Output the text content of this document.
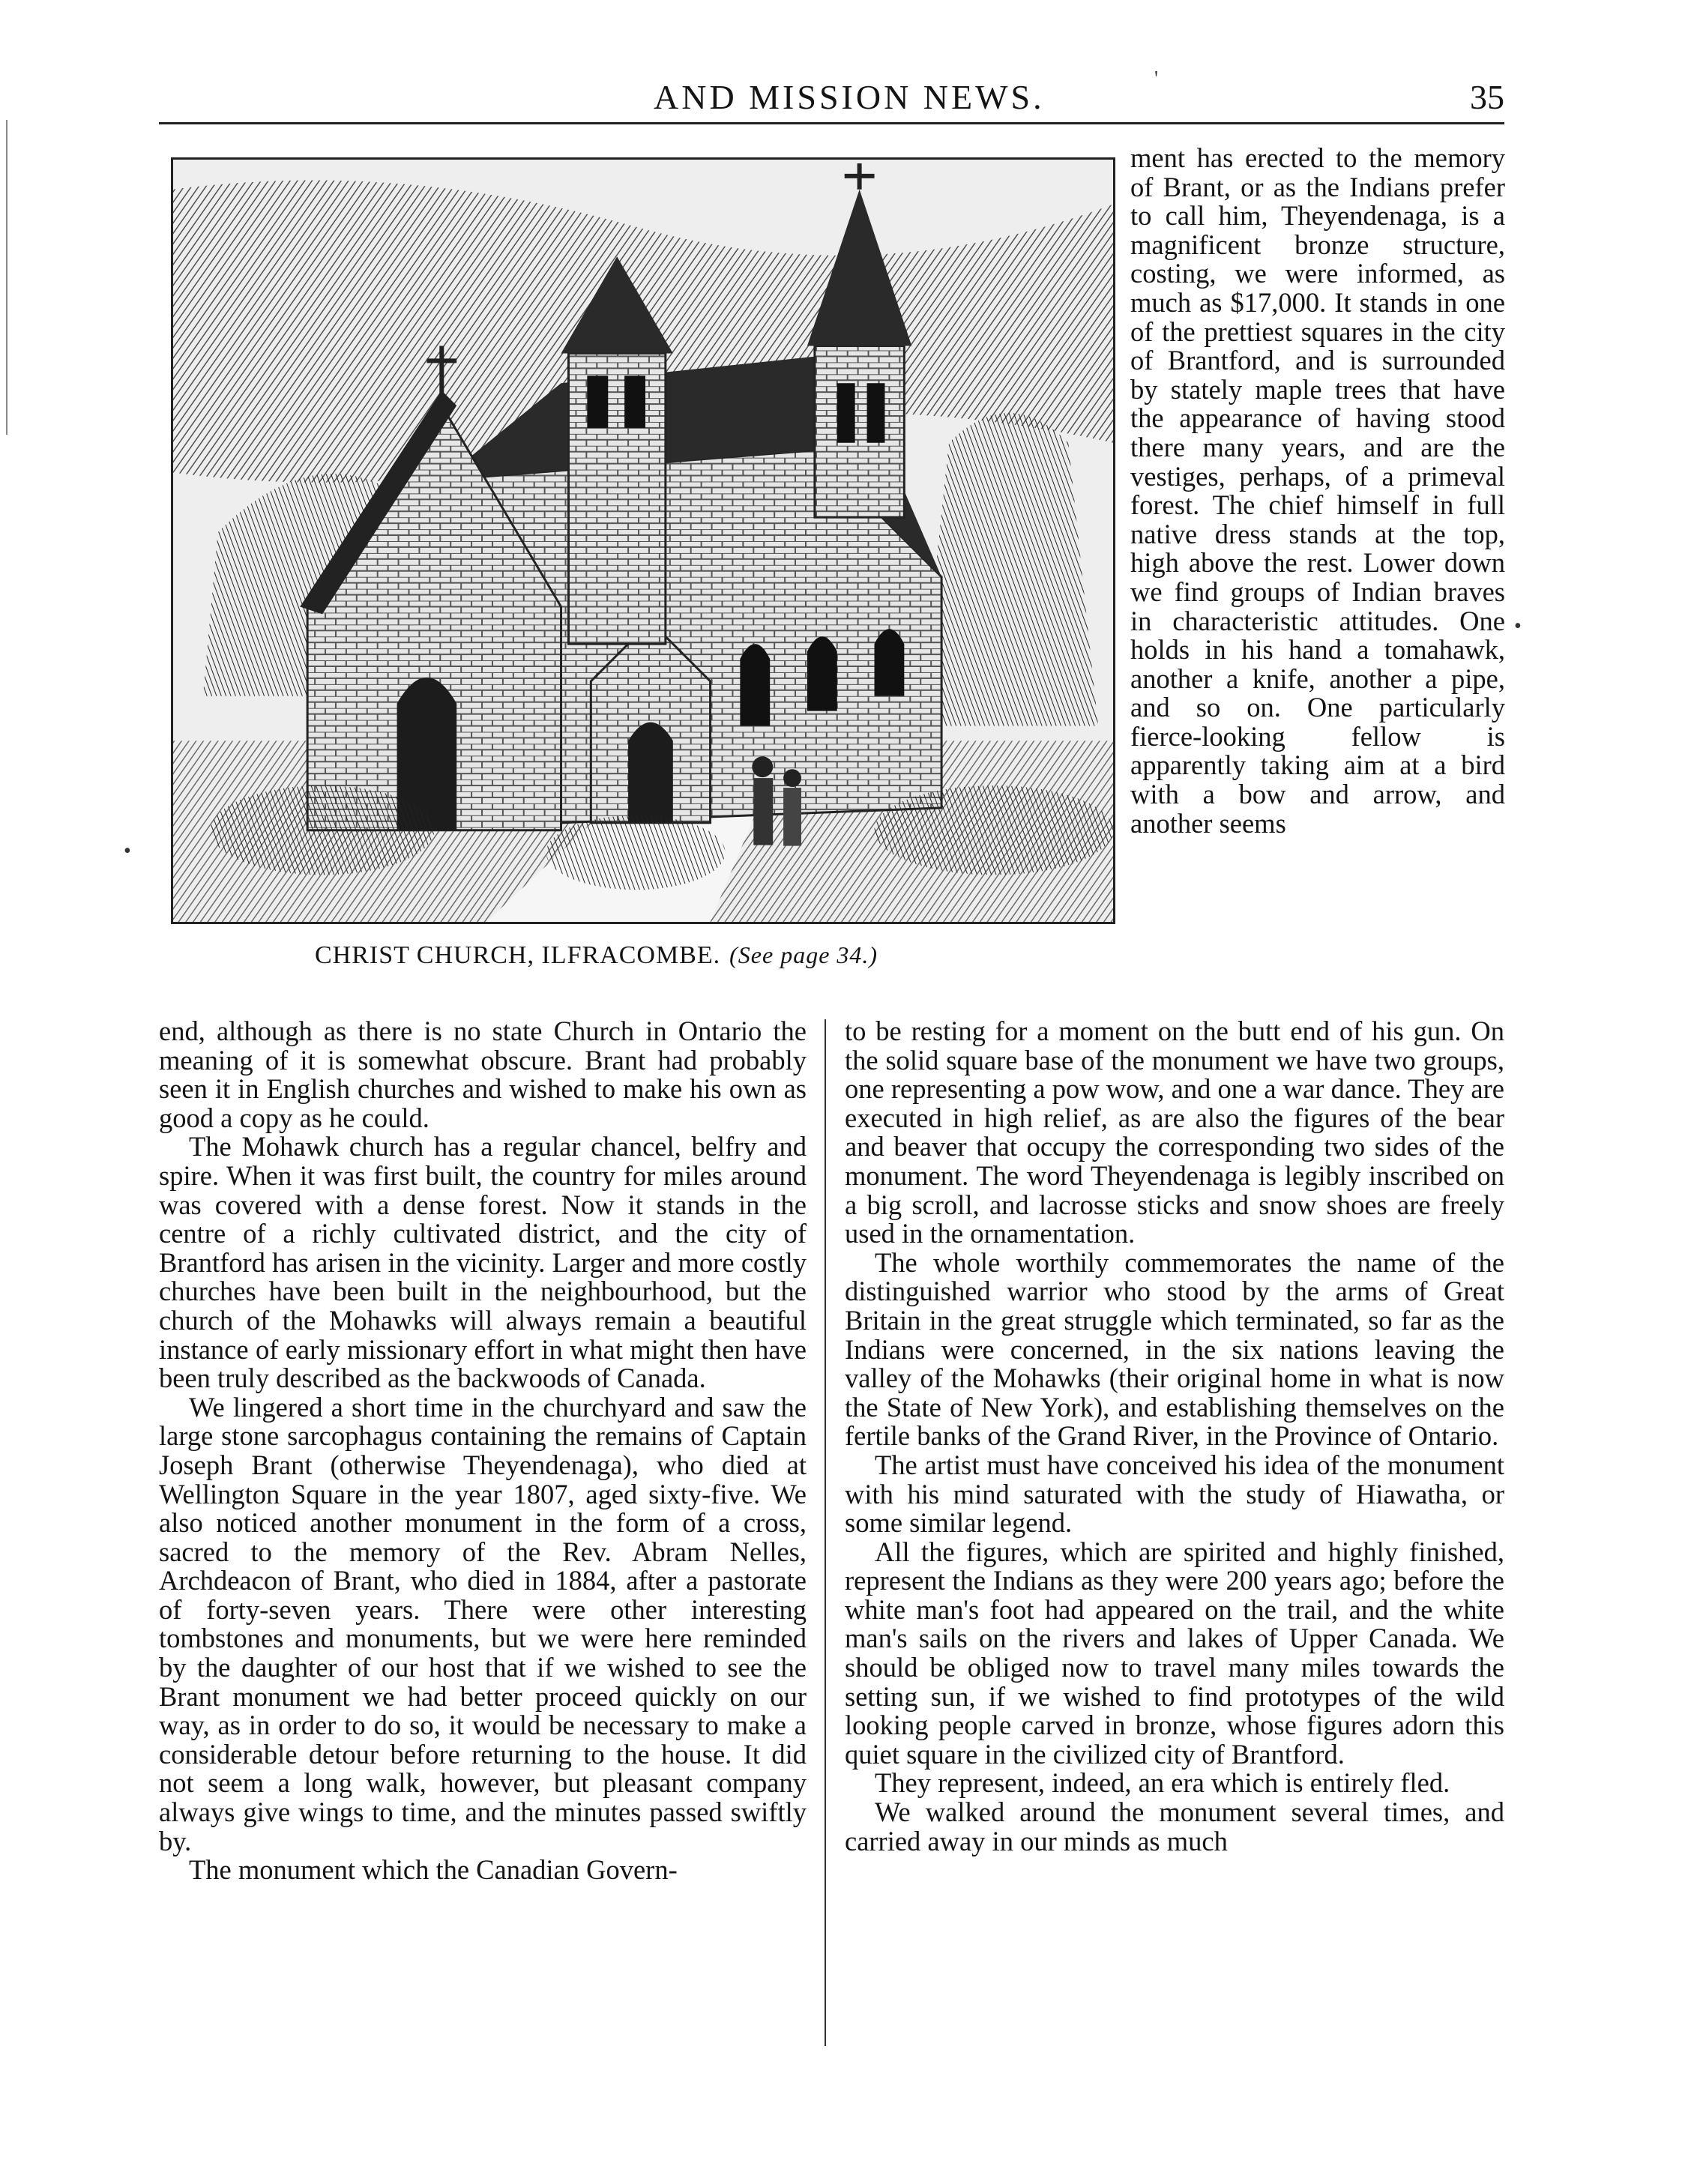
AND MISSION NEWS.	35
CHRIST CHURCH, ILFRACOMBE. (See page 34.)

ment has erected to the memory of Brant, or as the Indians prefer to call him, Theyendenaga, is a magnificent bronze structure, costing, we were informed, as much as $17,000. It stands in one of the prettiest squares in the city of Brantford, and is surrounded by stately maple trees that have the appearance of having stood there many years, and are the vestiges, perhaps, of a primeval forest. The chief himself in full native dress stands at the top, high above the rest. Lower down we find groups of Indian braves in characteristic attitudes. One holds in his hand a tomahawk, another a knife, another a pipe, and so on. One particularly fierce-looking fellow is apparently taking aim at a bird with a bow and arrow, and another seems

end, although as there is no state Church in Ontario the meaning of it is somewhat obscure. Brant had probably seen it in English churches and wished to make his own as good a copy as he could.

The Mohawk church has a regular chancel, belfry and spire. When it was first built, the country for miles around was covered with a dense forest. Now it stands in the centre of a richly cultivated district, and the city of Brantford has arisen in the vicinity. Larger and more costly churches have been built in the neighbourhood, but the church of the Mohawks will always remain a beautiful instance of early missionary effort in what might then have been truly described as the backwoods of Canada.

We lingered a short time in the churchyard and saw the large stone sarcophagus containing the remains of Captain Joseph Brant (otherwise Theyendenaga), who died at Wellington Square in the year 1807, aged sixty-five. We also noticed another monument in the form of a cross, sacred to the memory of the Rev. Abram Nelles, Archdeacon of Brant, who died in 1884, after a pastorate of forty-seven years. There were other interesting tombstones and monuments, but we were here reminded by the daughter of our host that if we wished to see the Brant monument we had better proceed quickly on our way, as in order to do so, it would be necessary to make a considerable detour before returning to the house. It did not seem a long walk, however, but pleasant company always give wings to time, and the minutes passed swiftly by.

The monument which the Canadian Govern-

to be resting for a moment on the butt end of his gun. On the solid square base of the monument we have two groups, one representing a pow wow, and one a war dance. They are executed in high relief, as are also the figures of the bear and beaver that occupy the corresponding two sides of the monument. The word Theyendenaga is legibly inscribed on a big scroll, and lacrosse sticks and snow shoes are freely used in the ornamentation.

The whole worthily commemorates the name of the distinguished warrior who stood by the arms of Great Britain in the great struggle which terminated, so far as the Indians were concerned, in the six nations leaving the valley of the Mohawks (their original home in what is now the State of New York), and establishing themselves on the fertile banks of the Grand River, in the Province of Ontario.

The artist must have conceived his idea of the monument with his mind saturated with the study of Hiawatha, or some similar legend.

All the figures, which are spirited and highly finished, represent the Indians as they were 200 years ago; before the white man's foot had appeared on the trail, and the white man's sails on the rivers and lakes of Upper Canada. We should be obliged now to travel many miles towards the setting sun, if we wished to find prototypes of the wild looking people carved in bronze, whose figures adorn this quiet square in the civilized city of Brantford.

They represent, indeed, an era which is entirely fled.

We walked around the monument several times, and carried away in our minds as much

'
•
•
